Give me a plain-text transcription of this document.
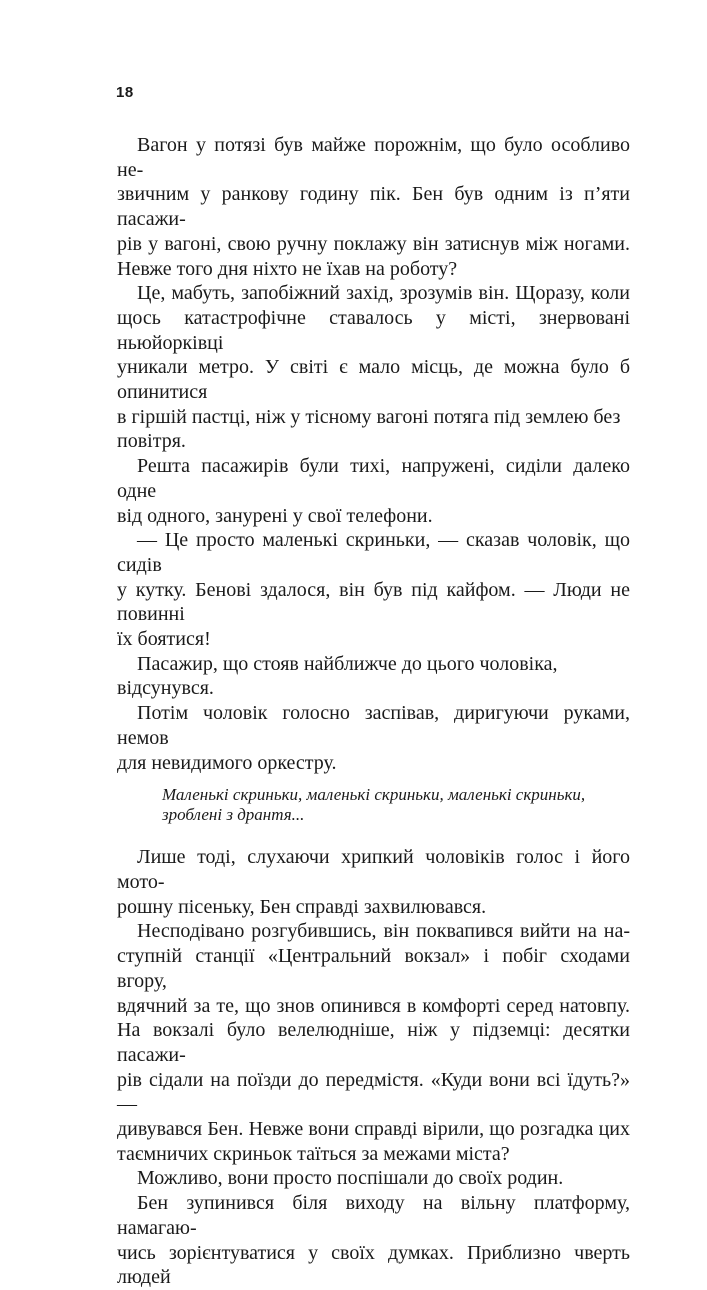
18
Вагон у потязі був майже порожнім, що було особливо не-
звичним у ранкову годину пік. Бен був одним із п’яти пасажи-
рів у вагоні, свою ручну поклажу він затиснув між ногами.
Невже того дня ніхто не їхав на роботу?
Це, мабуть, запобіжний захід, зрозумів він. Щоразу, коли
щось катастрофічне ставалось у місті, знервовані ньюйорківці
уникали метро. У світі є мало місць, де можна було б опинитися
в гіршій пастці, ніж у тісному вагоні потяга під землею без повітря.
Решта пасажирів були тихі, напружені, сиділи далеко одне
від одного, занурені у свої телефони.
— Це просто маленькі скриньки, — сказав чоловік, що сидів
у кутку. Бенові здалося, він був під кайфом. — Люди не повинні
їх боятися!
Пасажир, що стояв найближче до цього чоловіка, відсунувся.
Потім чоловік голосно заспівав, диригуючи руками, немов
для невидимого оркестру.
Маленькі скриньки, маленькі скриньки, маленькі скриньки,
зроблені з дрантя...
Лише тоді, слухаючи хрипкий чоловіків голос і його мото-
рошну пісеньку, Бен справді захвилювався.
Несподівано розгубившись, він поквапився вийти на на-
ступній станції «Центральний вокзал» і побіг сходами вгору,
вдячний за те, що знов опинився в комфорті серед натовпу.
На вокзалі було велелюдніше, ніж у підземці: десятки пасажи-
рів сідали на поїзди до передмістя. «Куди вони всі їдуть?» —
дивувався Бен. Невже вони справді вірили, що розгадка цих
таємничих скриньок таїться за межами міста?
Можливо, вони просто поспішали до своїх родин.
Бен зупинився біля виходу на вільну платформу, намагаю-
чись зорієнтуватися у своїх думках. Приблизно чверть людей
